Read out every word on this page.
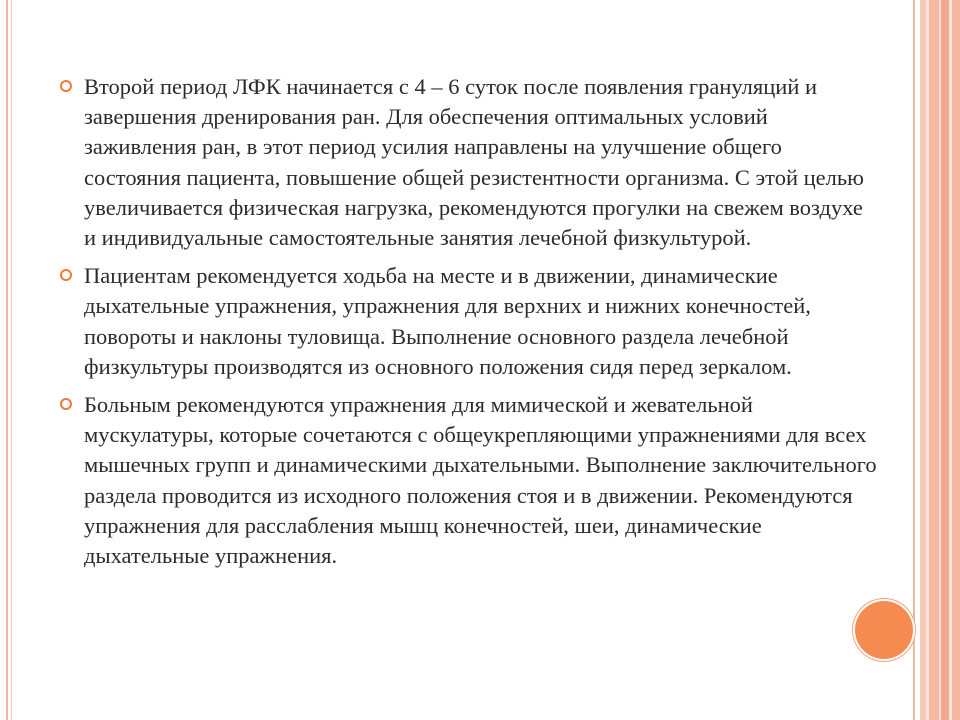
Второй период ЛФК начинается с 4 – 6 суток после появления грануляций и завершения дренирования ран. Для обеспечения оптимальных условий заживления ран, в этот период усилия направлены на улучшение общего состояния пациента, повышение общей резистентности организма. С этой целью увеличивается физическая нагрузка, рекомендуются прогулки на свежем воздухе и индивидуальные самостоятельные занятия лечебной физкультурой.
Пациентам рекомендуется ходьба на месте и в движении, динамические дыхательные упражнения, упражнения для верхних и нижних конечностей, повороты и наклоны туловища. Выполнение основного раздела лечебной физкультуры производятся из основного положения сидя перед зеркалом.
Больным рекомендуются упражнения для мимической и жевательной мускулатуры, которые сочетаются с общеукрепляющими упражнениями для всех мышечных групп и динамическими дыхательными. Выполнение заключительного раздела проводится из исходного положения стоя и в движении. Рекомендуются упражнения для расслабления мышц конечностей, шеи, динамические дыхательные упражнения.
